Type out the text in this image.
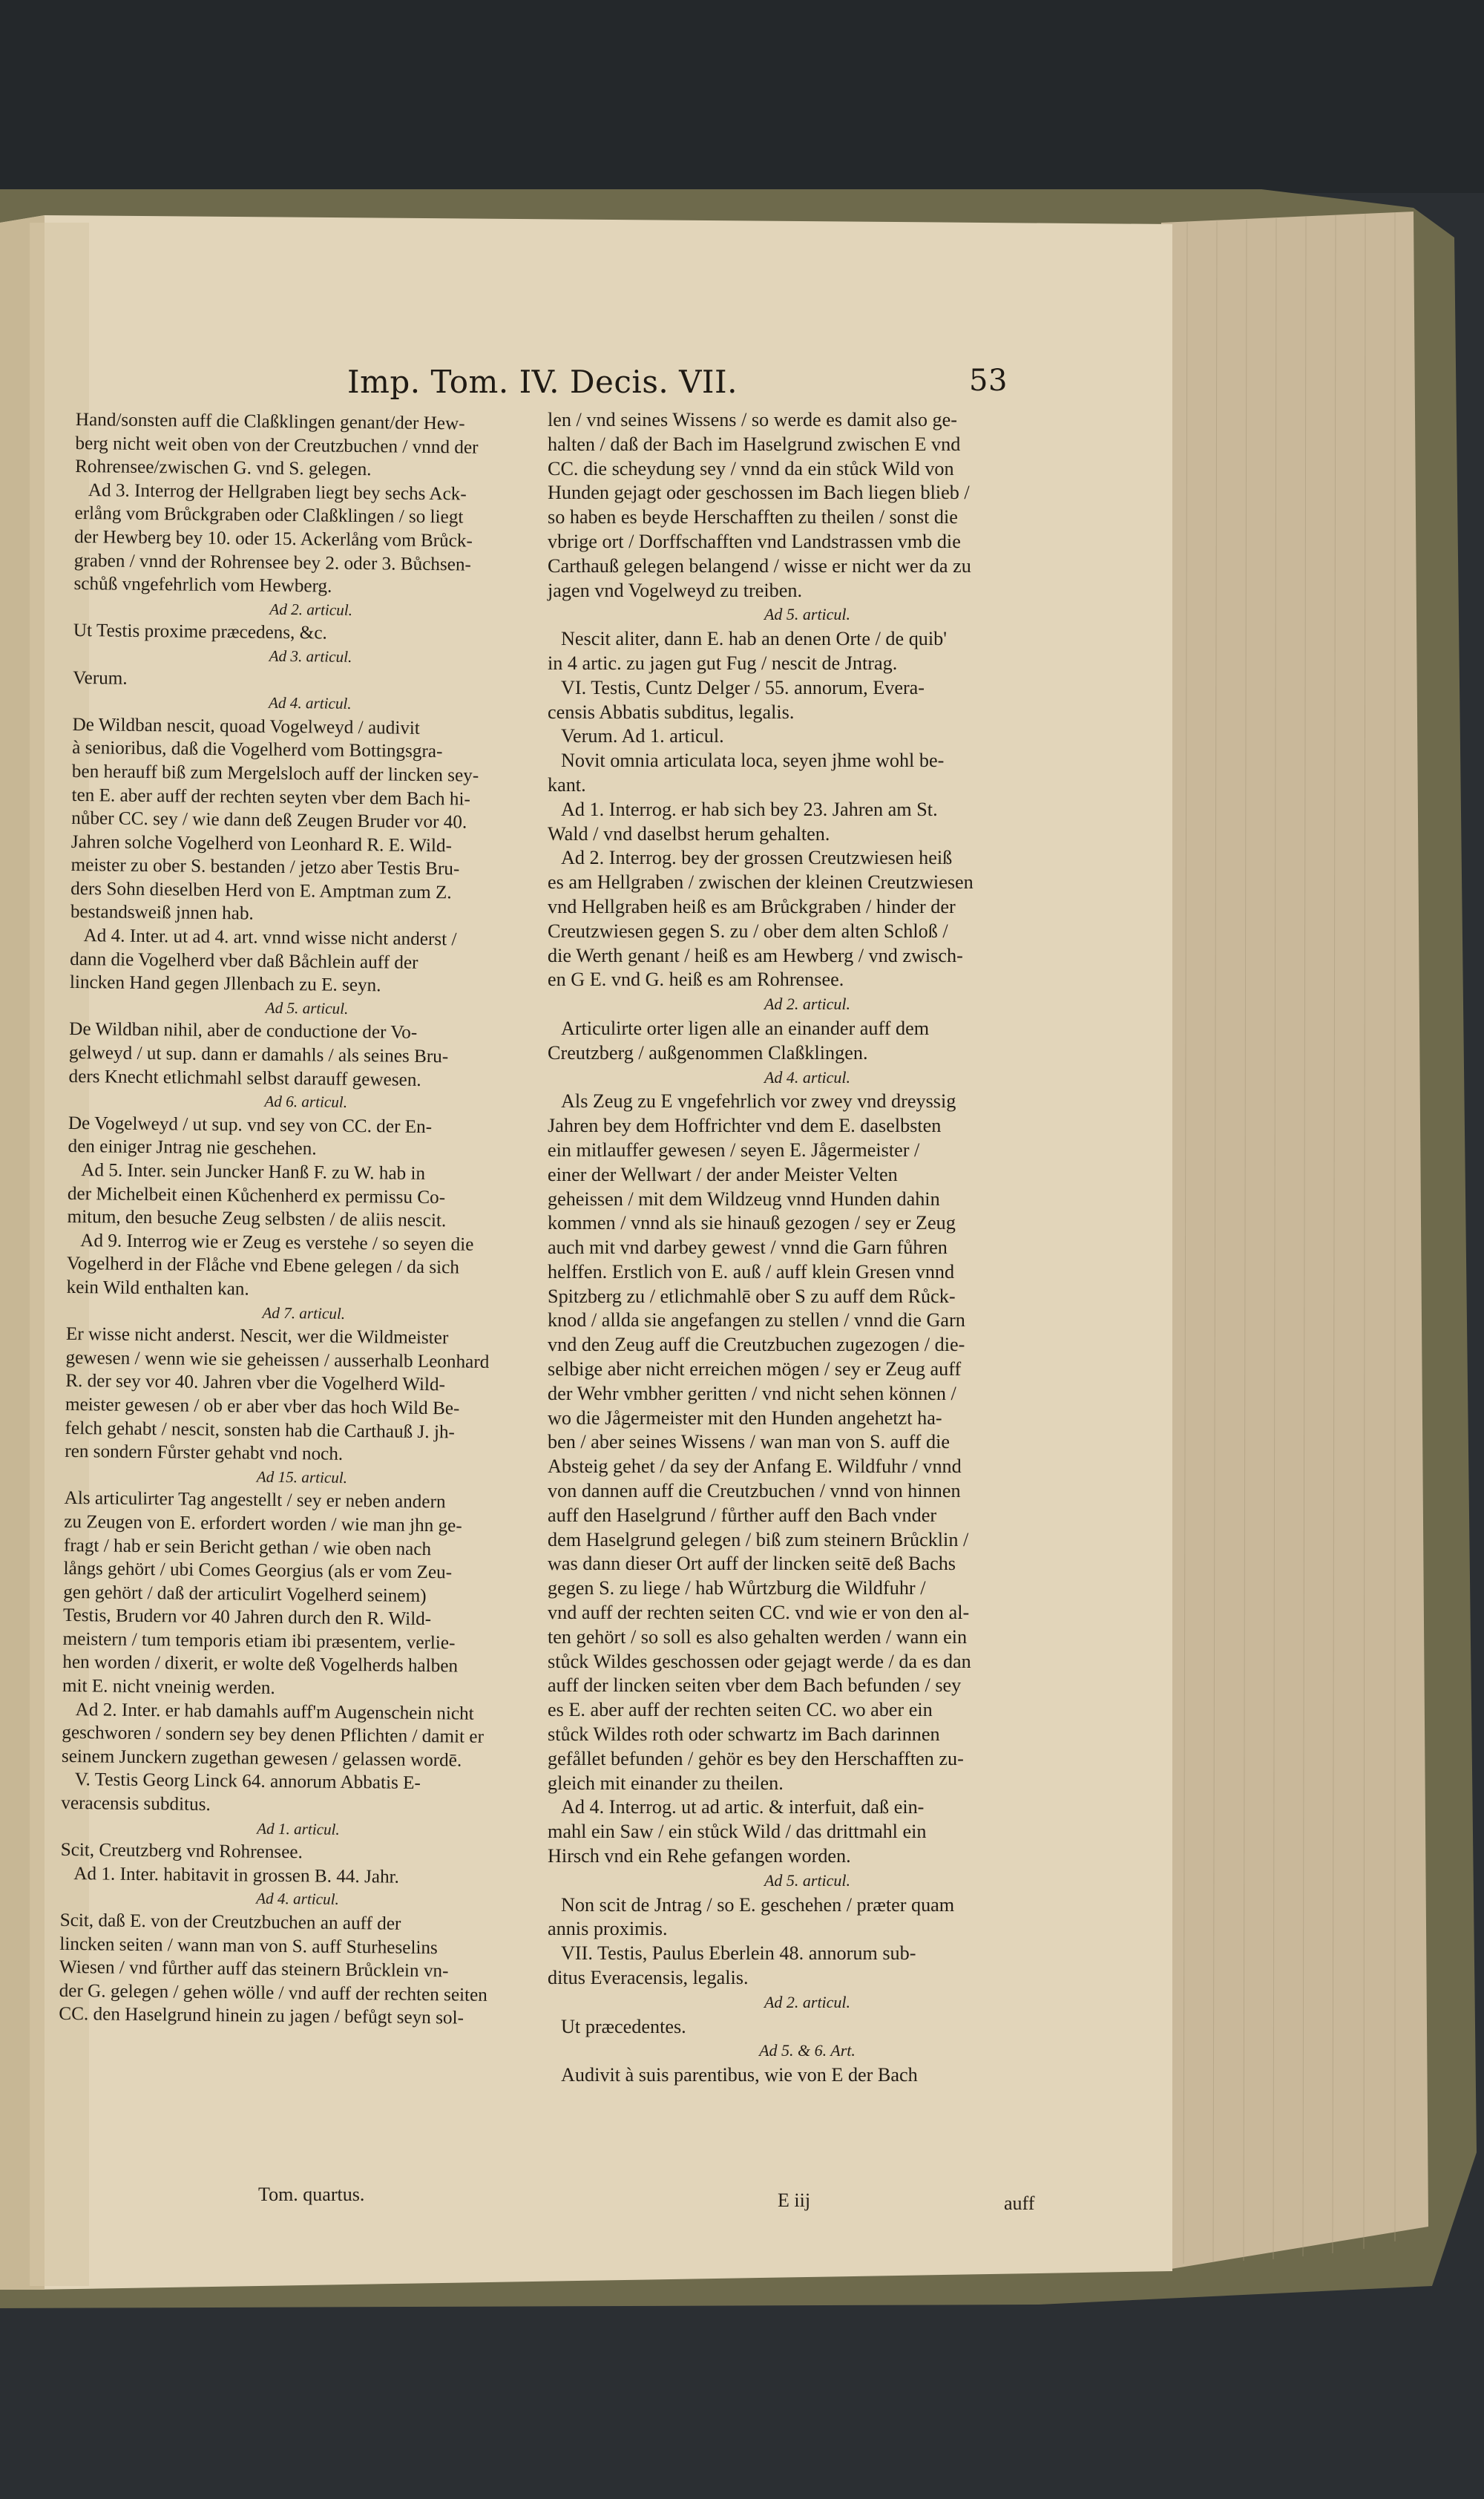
Imp. Tom. IV. Decis. VII.	53
Hand/sonsten auff die Claßklingen genant/der Hew-
berg nicht weit oben von der Creutzbuchen / vnnd der
Rohrensee/zwischen G. vnd S. gelegen.
Ad 3. Interrog der Hellgraben liegt bey sechs Ack-
erlång vom Brůckgraben oder Claßklingen / so liegt
der Hewberg bey 10. oder 15. Ackerlång vom Brůck-
graben / vnnd der Rohrensee bey 2. oder 3. Bůchsen-
schůß vngefehrlich vom Hewberg.
Ad 2. articul.
Ut Testis proxime præcedens, &c.
Ad 3. articul.
Verum.
Ad 4. articul.
De Wildban nescit, quoad Vogelweyd / audivit
à senioribus, daß die Vogelherd vom Bottingsgra-
ben herauff biß zum Mergelsloch auff der lincken sey-
ten E. aber auff der rechten seyten vber dem Bach hi-
nůber CC. sey / wie dann deß Zeugen Bruder vor 40.
Jahren solche Vogelherd von Leonhard R. E. Wild-
meister zu ober S. bestanden / jetzo aber Testis Bru-
ders Sohn dieselben Herd von E. Amptman zum Z.
bestandsweiß jnnen hab.
Ad 4. Inter. ut ad 4. art. vnnd wisse nicht anderst /
dann die Vogelherd vber daß Båchlein auff der
lincken Hand gegen Jllenbach zu E. seyn.
Ad 5. articul.
De Wildban nihil, aber de conductione der Vo-
gelweyd / ut sup. dann er damahls / als seines Bru-
ders Knecht etlichmahl selbst darauff gewesen.
Ad 6. articul.
De Vogelweyd / ut sup. vnd sey von CC. der En-
den einiger Jntrag nie geschehen.
Ad 5. Inter. sein Juncker Hanß F. zu W. hab in
der Michelbeit einen Kůchenherd ex permissu Co-
mitum, den besuche Zeug selbsten / de aliis nescit.
Ad 9. Interrog wie er Zeug es verstehe / so seyen die
Vogelherd in der Flåche vnd Ebene gelegen / da sich
kein Wild enthalten kan.
Ad 7. articul.
Er wisse nicht anderst. Nescit, wer die Wildmeister
gewesen / wenn wie sie geheissen / ausserhalb Leonhard
R. der sey vor 40. Jahren vber die Vogelherd Wild-
meister gewesen / ob er aber vber das hoch Wild Be-
felch gehabt / nescit, sonsten hab die Carthauß J. jh-
ren sondern Fůrster gehabt vnd noch.
Ad 15. articul.
Als articulirter Tag angestellt / sey er neben andern
zu Zeugen von E. erfordert worden / wie man jhn ge-
fragt / hab er sein Bericht gethan / wie oben nach
långs gehört / ubi Comes Georgius (als er vom Zeu-
gen gehört / daß der articulirt Vogelherd seinem)
Testis, Brudern vor 40 Jahren durch den R. Wild-
meistern / tum temporis etiam ibi præsentem, verlie-
hen worden / dixerit, er wolte deß Vogelherds halben
mit E. nicht vneinig werden.
Ad 2. Inter. er hab damahls auff'm Augenschein nicht
geschworen / sondern sey bey denen Pflichten / damit er
seinem Junckern zugethan gewesen / gelassen wordē.
V. Testis Georg Linck 64. annorum Abbatis E-
veracensis subditus.
Ad 1. articul.
Scit, Creutzberg vnd Rohrensee.
Ad 1. Inter. habitavit in grossen B. 44. Jahr.
Ad 4. articul.
Scit, daß E. von der Creutzbuchen an auff der
lincken seiten / wann man von S. auff Sturheselins
Wiesen / vnd fůrther auff das steinern Brůcklein vn-
der G. gelegen / gehen wölle / vnd auff der rechten seiten
CC. den Haselgrund hinein zu jagen / befůgt seyn sol-
len / vnd seines Wissens / so werde es damit also ge-
halten / daß der Bach im Haselgrund zwischen E vnd
CC. die scheydung sey / vnnd da ein stůck Wild von
Hunden gejagt oder geschossen im Bach liegen blieb /
so haben es beyde Herschafften zu theilen / sonst die
vbrige ort / Dorffschafften vnd Landstrassen vmb die
Carthauß gelegen belangend / wisse er nicht wer da zu
jagen vnd Vogelweyd zu treiben.
Ad 5. articul.
Nescit aliter, dann E. hab an denen Orte / de quib'
in 4 artic. zu jagen gut Fug / nescit de Jntrag.
VI. Testis, Cuntz Delger / 55. annorum, Evera-
censis Abbatis subditus, legalis.
Verum. Ad 1. articul.
Novit omnia articulata loca, seyen jhme wohl be-
kant.
Ad 1. Interrog. er hab sich bey 23. Jahren am St.
Wald / vnd daselbst herum gehalten.
Ad 2. Interrog. bey der grossen Creutzwiesen heiß
es am Hellgraben / zwischen der kleinen Creutzwiesen
vnd Hellgraben heiß es am Brůckgraben / hinder der
Creutzwiesen gegen S. zu / ober dem alten Schloß /
die Werth genant / heiß es am Hewberg / vnd zwisch-
en G E. vnd G. heiß es am Rohrensee.
Ad 2. articul.
Articulirte orter ligen alle an einander auff dem
Creutzberg / außgenommen Claßklingen.
Ad 4. articul.
Als Zeug zu E vngefehrlich vor zwey vnd dreyssig
Jahren bey dem Hoffrichter vnd dem E. daselbsten
ein mitlauffer gewesen / seyen E. Jågermeister /
einer der Wellwart / der ander Meister Velten
geheissen / mit dem Wildzeug vnnd Hunden dahin
kommen / vnnd als sie hinauß gezogen / sey er Zeug
auch mit vnd darbey gewest / vnnd die Garn fůhren
helffen. Erstlich von E. auß / auff klein Gresen vnnd
Spitzberg zu / etlichmahlē ober S zu auff dem Růck-
knod / allda sie angefangen zu stellen / vnnd die Garn
vnd den Zeug auff die Creutzbuchen zugezogen / die-
selbige aber nicht erreichen mögen / sey er Zeug auff
der Wehr vmbher geritten / vnd nicht sehen können /
wo die Jågermeister mit den Hunden angehetzt ha-
ben / aber seines Wissens / wan man von S. auff die
Absteig gehet / da sey der Anfang E. Wildfuhr / vnnd
von dannen auff die Creutzbuchen / vnnd von hinnen
auff den Haselgrund / fůrther auff den Bach vnder
dem Haselgrund gelegen / biß zum steinern Brůcklin /
was dann dieser Ort auff der lincken seitē deß Bachs
gegen S. zu liege / hab Wůrtzburg die Wildfuhr /
vnd auff der rechten seiten CC. vnd wie er von den al-
ten gehört / so soll es also gehalten werden / wann ein
stůck Wildes geschossen oder gejagt werde / da es dan
auff der lincken seiten vber dem Bach befunden / sey
es E. aber auff der rechten seiten CC. wo aber ein
stůck Wildes roth oder schwartz im Bach darinnen
gefållet befunden / gehör es bey den Herschafften zu-
gleich mit einander zu theilen.
Ad 4. Interrog. ut ad artic. & interfuit, daß ein-
mahl ein Saw / ein stůck Wild / das drittmahl ein
Hirsch vnd ein Rehe gefangen worden.
Ad 5. articul.
Non scit de Jntrag / so E. geschehen / præter quam
annis proximis.
VII. Testis, Paulus Eberlein 48. annorum sub-
ditus Everacensis, legalis.
Ad 2. articul.
Ut præcedentes.
Ad 5. & 6. Art.
Audivit à suis parentibus, wie von E der Bach
Tom. quartus.	E iij	auff
